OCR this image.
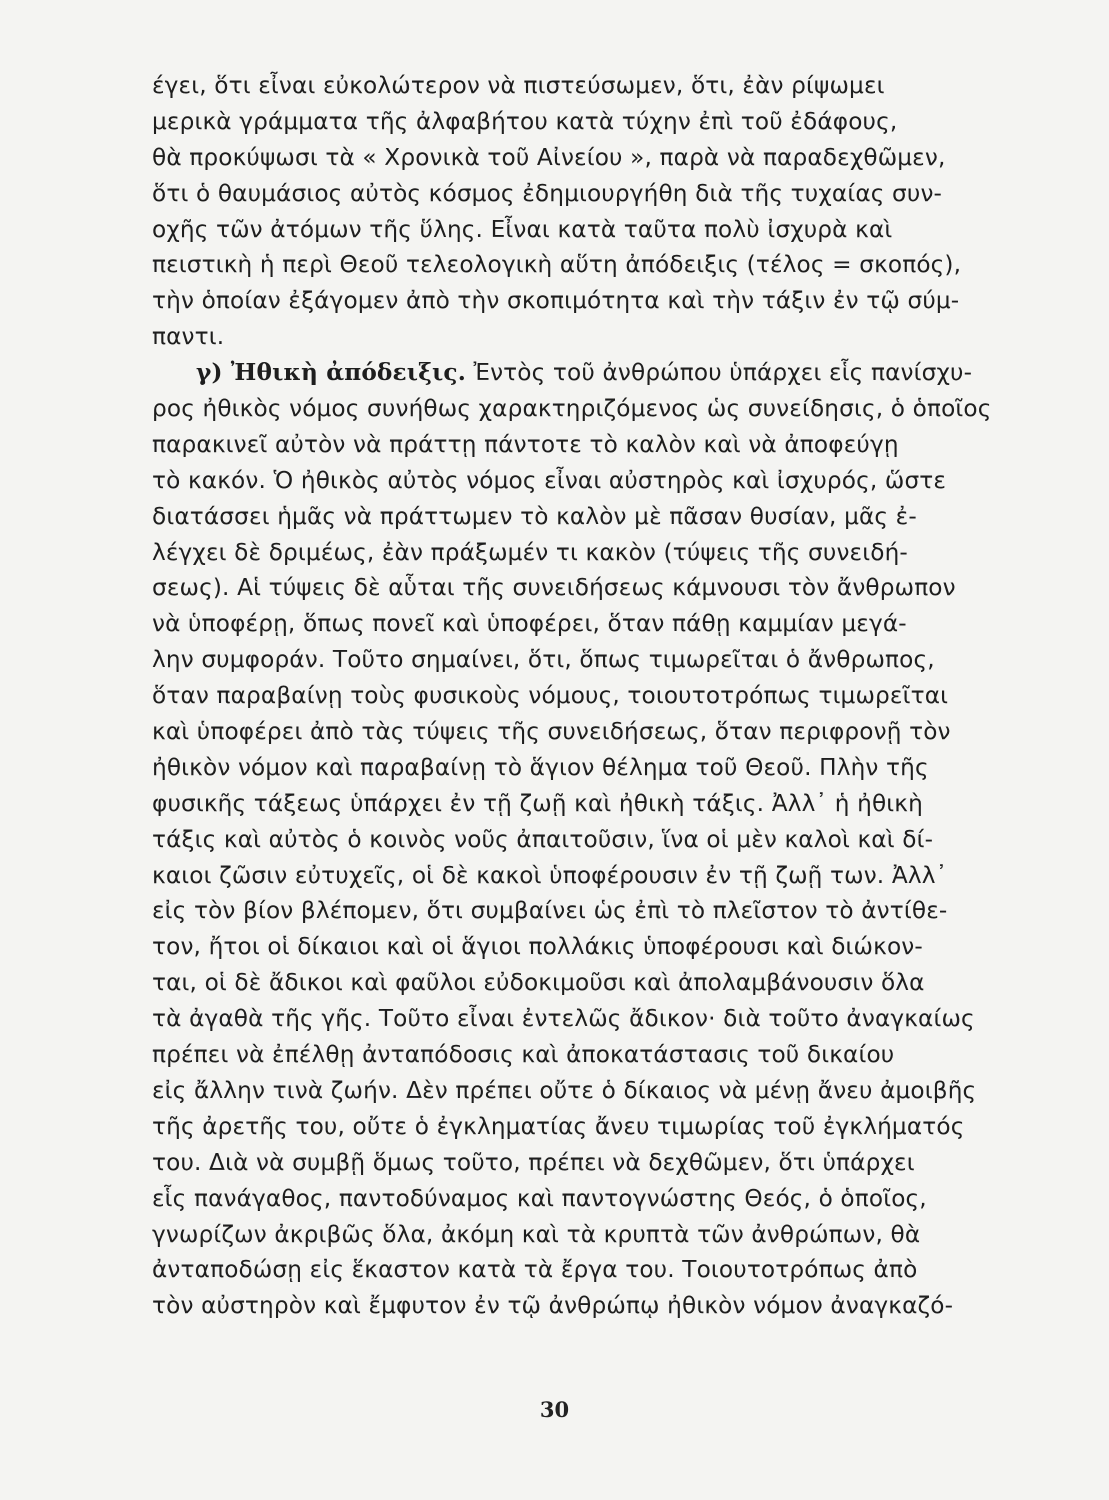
έγει, ὅτι εἶναι εὐκολώτερον νὰ πιστεύσωμεν, ὅτι, ἐὰν ρίψωμει
μερικὰ γράμματα τῆς ἀλφαβήτου κατὰ τύχην ἐπὶ τοῦ ἐδάφους,
θὰ προκύψωσι τὰ « Χρονικὰ τοῦ Αἰνείου », παρὰ νὰ παραδεχθῶμεν,
ὅτι ὁ θαυμάσιος αὐτὸς κόσμος ἐδημιουργήθη διὰ τῆς τυχαίας συν-
οχῆς τῶν ἀτόμων τῆς ὕλης. Εἶναι κατὰ ταῦτα πολὺ ἰσχυρὰ καὶ
πειστικὴ ἡ περὶ Θεοῦ τελεολογικὴ αὕτη ἀπόδειξις (τέλος = σκοπός),
τὴν ὁποίαν ἐξάγομεν ἀπὸ τὴν σκοπιμότητα καὶ τὴν τάξιν ἐν τῷ σύμ-
παντι.
γ) Ἠθικὴ ἀπόδειξις. Ἐντὸς τοῦ ἀνθρώπου ὑπάρχει εἷς πανίσχυ-
ρος ἠθικὸς νόμος συνήθως χαρακτηριζόμενος ὡς συνείδησις, ὁ ὁποῖος
παρακινεῖ αὐτὸν νὰ πράττῃ πάντοτε τὸ καλὸν καὶ νὰ ἀποφεύγῃ
τὸ κακόν. Ὁ ἠθικὸς αὐτὸς νόμος εἶναι αὐστηρὸς καὶ ἰσχυρός, ὥστε
διατάσσει ἡμᾶς νὰ πράττωμεν τὸ καλὸν μὲ πᾶσαν θυσίαν, μᾶς ἐ-
λέγχει δὲ δριμέως, ἐὰν πράξωμέν τι κακὸν (τύψεις τῆς συνειδή-
σεως). Αἱ τύψεις δὲ αὗται τῆς συνειδήσεως κάμνουσι τὸν ἄνθρωπον
νὰ ὑποφέρῃ, ὅπως πονεῖ καὶ ὑποφέρει, ὅταν πάθῃ καμμίαν μεγά-
λην συμφοράν. Τοῦτο σημαίνει, ὅτι, ὅπως τιμωρεῖται ὁ ἄνθρωπος,
ὅταν παραβαίνῃ τοὺς φυσικοὺς νόμους, τοιουτοτρόπως τιμωρεῖται
καὶ ὑποφέρει ἀπὸ τὰς τύψεις τῆς συνειδήσεως, ὅταν περιφρονῇ τὸν
ἠθικὸν νόμον καὶ παραβαίνῃ τὸ ἅγιον θέλημα τοῦ Θεοῦ. Πλὴν τῆς
φυσικῆς τάξεως ὑπάρχει ἐν τῇ ζωῇ καὶ ἠθικὴ τάξις. Ἀλλ᾽ ἡ ἠθικὴ
τάξις καὶ αὐτὸς ὁ κοινὸς νοῦς ἀπαιτοῦσιν, ἵνα οἱ μὲν καλοὶ καὶ δί-
καιοι ζῶσιν εὐτυχεῖς, οἱ δὲ κακοὶ ὑποφέρουσιν ἐν τῇ ζωῇ των. Ἀλλ᾽
εἰς τὸν βίον βλέπομεν, ὅτι συμβαίνει ὡς ἐπὶ τὸ πλεῖστον τὸ ἀντίθε-
τον, ἤτοι οἱ δίκαιοι καὶ οἱ ἅγιοι πολλάκις ὑποφέρουσι καὶ διώκον-
ται, οἱ δὲ ἄδικοι καὶ φαῦλοι εὐδοκιμοῦσι καὶ ἀπολαμβάνουσιν ὅλα
τὰ ἀγαθὰ τῆς γῆς. Τοῦτο εἶναι ἐντελῶς ἄδικον· διὰ τοῦτο ἀναγκαίως
πρέπει νὰ ἐπέλθῃ ἀνταπόδοσις καὶ ἀποκατάστασις τοῦ δικαίου
εἰς ἄλλην τινὰ ζωήν. Δὲν πρέπει οὔτε ὁ δίκαιος νὰ μένῃ ἄνευ ἀμοιβῆς
τῆς ἀρετῆς του, οὔτε ὁ ἐγκληματίας ἄνευ τιμωρίας τοῦ ἐγκλήματός
του. Διὰ νὰ συμβῇ ὅμως τοῦτο, πρέπει νὰ δεχθῶμεν, ὅτι ὑπάρχει
εἷς πανάγαθος, παντοδύναμος καὶ παντογνώστης Θεός, ὁ ὁποῖος,
γνωρίζων ἀκριβῶς ὅλα, ἀκόμη καὶ τὰ κρυπτὰ τῶν ἀνθρώπων, θὰ
ἀνταποδώσῃ εἰς ἕκαστον κατὰ τὰ ἔργα του. Τοιουτοτρόπως ἀπὸ
τὸν αὐστηρὸν καὶ ἔμφυτον ἐν τῷ ἀνθρώπῳ ἠθικὸν νόμον ἀναγκαζό-
30
